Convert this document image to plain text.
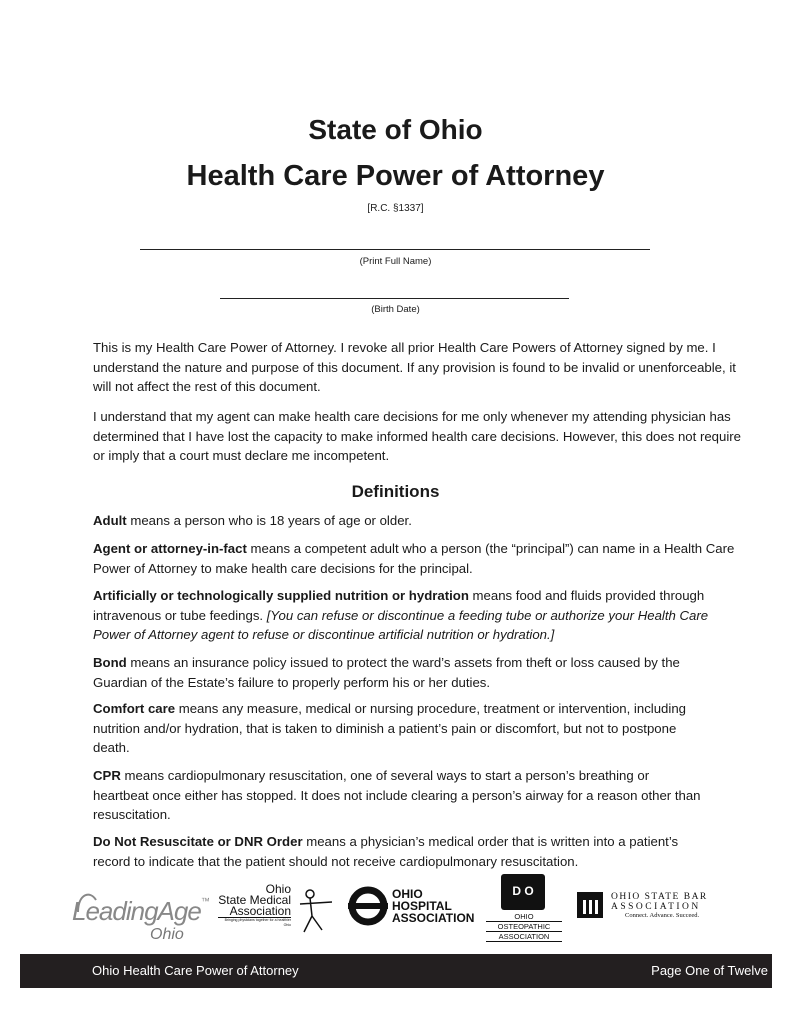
State of Ohio
Health Care Power of Attorney
[R.C. §1337]
(Print Full Name)
(Birth Date)
This is my Health Care Power of Attorney. I revoke all prior Health Care Powers of Attorney signed by me. I understand the nature and purpose of this document. If any provision is found to be invalid or unenforceable, it will not affect the rest of this document.
I understand that my agent can make health care decisions for me only whenever my attending physician has determined that I have lost the capacity to make informed health care decisions. However, this does not require or imply that a court must declare me incompetent.
Definitions
Adult means a person who is 18 years of age or older.
Agent or attorney-in-fact means a competent adult who a person (the “principal”) can name in a Health Care Power of Attorney to make health care decisions for the principal.
Artificially or technologically supplied nutrition or hydration means food and fluids provided through intravenous or tube feedings. [You can refuse or discontinue a feeding tube or authorize your Health Care Power of Attorney agent to refuse or discontinue artificial nutrition or hydration.]
Bond means an insurance policy issued to protect the ward’s assets from theft or loss caused by the Guardian of the Estate’s failure to properly perform his or her duties.
Comfort care means any measure, medical or nursing procedure, treatment or intervention, including nutrition and/or hydration, that is taken to diminish a patient’s pain or discomfort, but not to postpone death.
CPR means cardiopulmonary resuscitation, one of several ways to start a person’s breathing or heartbeat once either has stopped. It does not include clearing a person’s airway for a reason other than resuscitation.
Do Not Resuscitate or DNR Order means a physician’s medical order that is written into a patient’s record to indicate that the patient should not receive cardiopulmonary resuscitation.
LeadingAge™
Ohio
Ohio
State Medical
Association
Bringing physicians together for a healthier Ohio
OHIO
HOSPITAL
ASSOCIATION
D O
OHIO
OSTEOPATHIC
ASSOCIATION
OHIO STATE BAR
ASSOCIATION
Connect. Advance. Succeed.
Ohio Health Care Power of Attorney	Page One of Twelve
